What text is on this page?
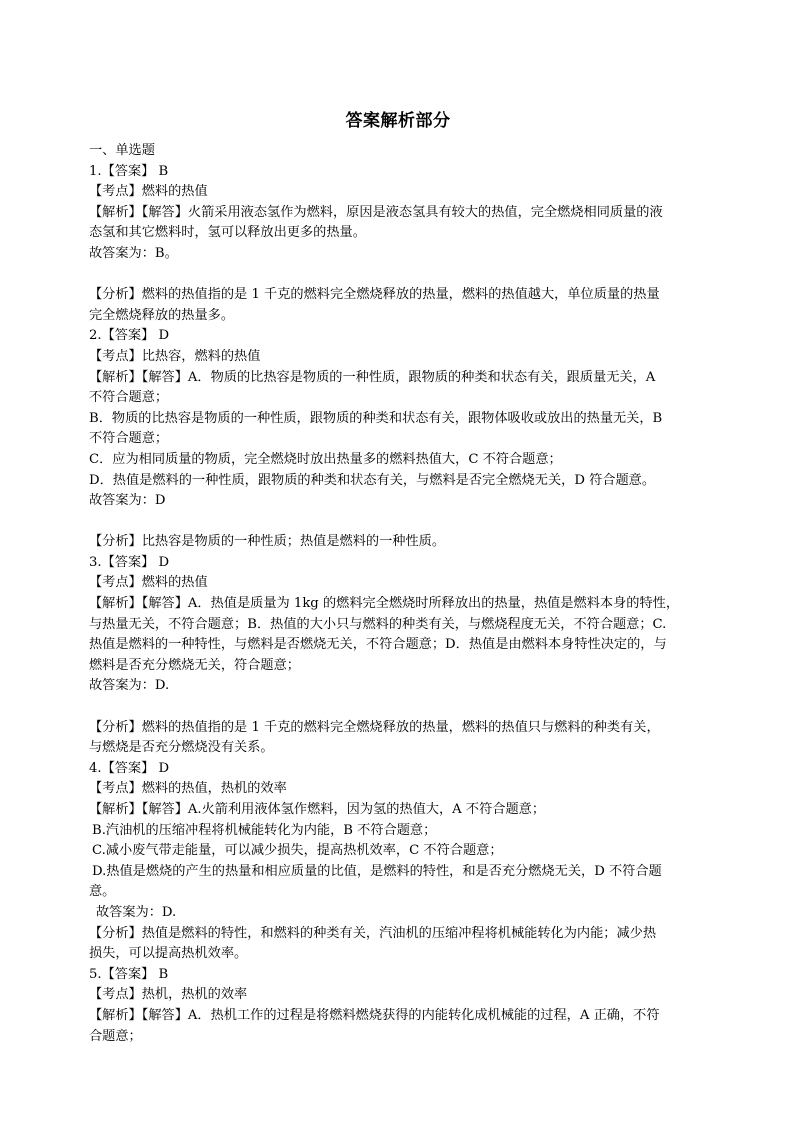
答案解析部分
一、单选题
1.【答案】 B
【考点】燃料的热值
【解析】【解答】火箭采用液态氢作为燃料，原因是液态氢具有较大的热值，完全燃烧相同质量的液
态氢和其它燃料时，氢可以释放出更多的热量。
故答案为：B。
【分析】燃料的热值指的是 1 千克的燃料完全燃烧释放的热量，燃料的热值越大，单位质量的热量
完全燃烧释放的热量多。
2.【答案】 D
【考点】比热容，燃料的热值
【解析】【解答】A．物质的比热容是物质的一种性质，跟物质的种类和状态有关，跟质量无关，A
不符合题意；
B．物质的比热容是物质的一种性质，跟物质的种类和状态有关，跟物体吸收或放出的热量无关，B
不符合题意；
C．应为相同质量的物质，完全燃烧时放出热量多的燃料热值大，C 不符合题意；
D．热值是燃料的一种性质，跟物质的种类和状态有关，与燃料是否完全燃烧无关，D 符合题意。
故答案为：D
【分析】比热容是物质的一种性质；热值是燃料的一种性质。
3.【答案】 D
【考点】燃料的热值
【解析】【解答】A．热值是质量为 1kg 的燃料完全燃烧时所释放出的热量，热值是燃料本身的特性，
与热量无关，不符合题意；B．热值的大小只与燃料的种类有关，与燃烧程度无关，不符合题意；C.
热值是燃料的一种特性，与燃料是否燃烧无关，不符合题意；D．热值是由燃料本身特性决定的，与
燃料是否充分燃烧无关，符合题意；
故答案为：D.
【分析】燃料的热值指的是 1 千克的燃料完全燃烧释放的热量，燃料的热值只与燃料的种类有关，
与燃烧是否充分燃烧没有关系。
4.【答案】 D
【考点】燃料的热值，热机的效率
【解析】【解答】A.火箭利用液体氢作燃料，因为氢的热值大，A 不符合题意；
B.汽油机的压缩冲程将机械能转化为内能，B 不符合题意；
C.减小废气带走能量，可以减少损失，提高热机效率，C 不符合题意；
D.热值是燃烧的产生的热量和相应质量的比值，是燃料的特性，和是否充分燃烧无关，D 不符合题
意。
故答案为：D.
【分析】热值是燃料的特性，和燃料的种类有关，汽油机的压缩冲程将机械能转化为内能；减少热
损失，可以提高热机效率。
5.【答案】 B
【考点】热机，热机的效率
【解析】【解答】A．热机工作的过程是将燃料燃烧获得的内能转化成机械能的过程，A 正确，不符
合题意；
